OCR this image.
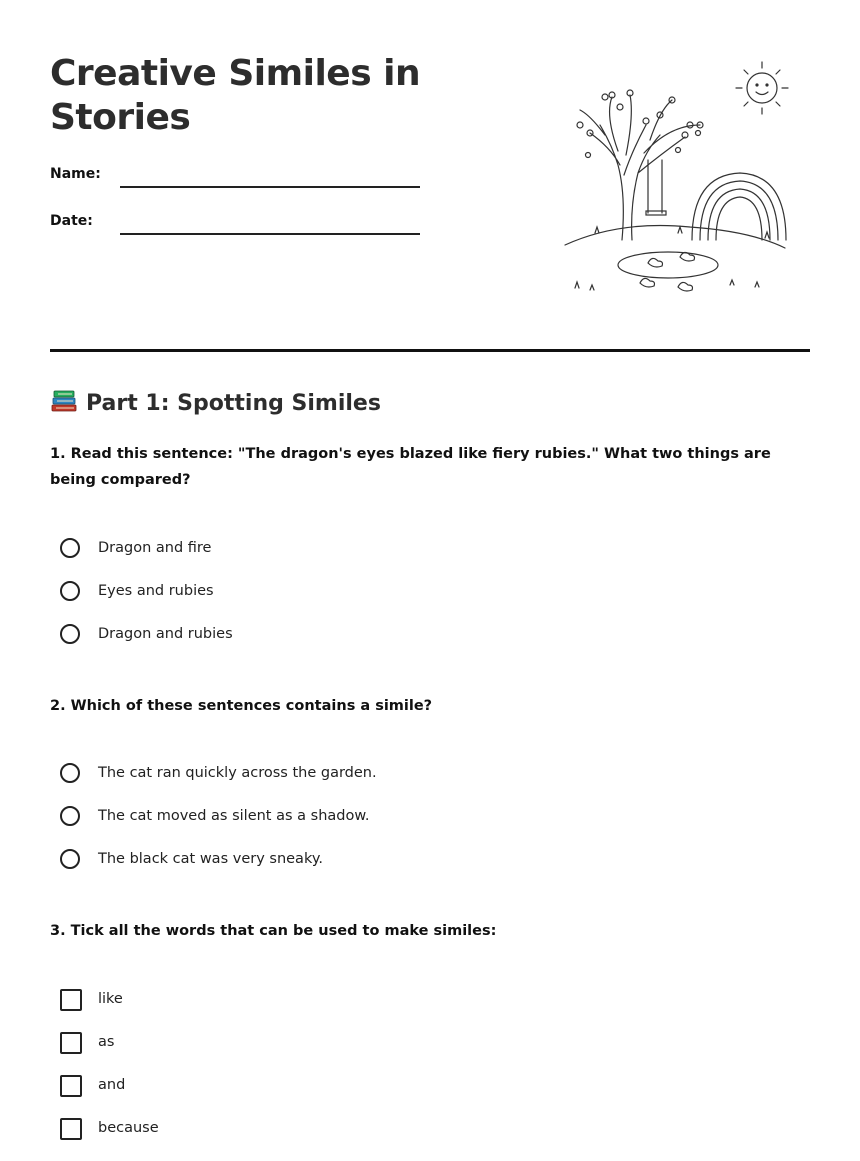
Creative Similes in Stories
Name:
Date:
Part 1: Spotting Similes

1. Read this sentence: "The dragon's eyes blazed like fiery rubies." What two things are being compared?

Dragon and fire
Eyes and rubies
Dragon and rubies

2. Which of these sentences contains a simile?

The cat ran quickly across the garden.
The cat moved as silent as a shadow.
The black cat was very sneaky.

3. Tick all the words that can be used to make similes:

like
as
and
because
